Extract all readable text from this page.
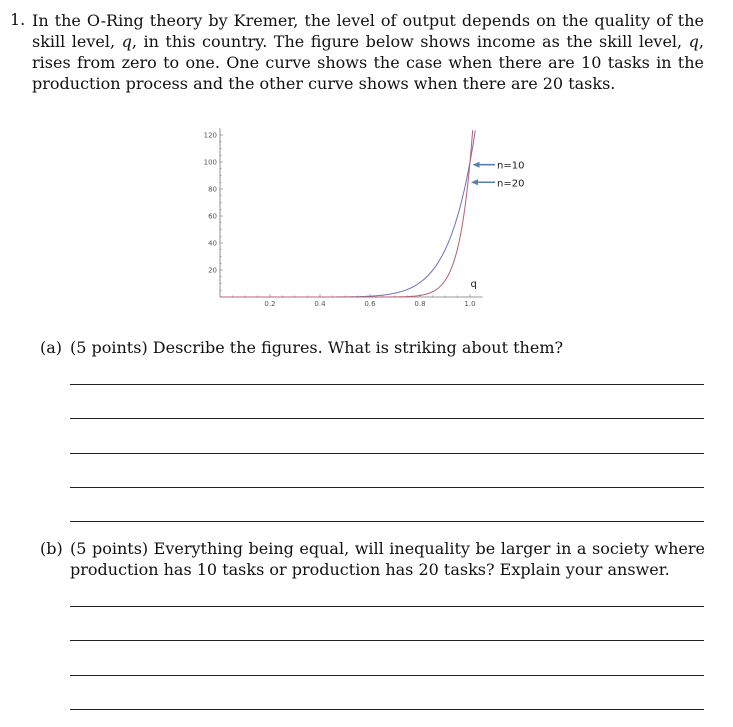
1. In the O-Ring theory by Kremer, the level of output depends on the quality of the skill level, q, in this country. The figure below shows income as the skill level, q, rises from zero to one. One curve shows the case when there are 10 tasks in the production process and the other curve shows when there are 20 tasks.
0.2	0.4	0.6	0.8	1.0
20
40
60
80
100
120
n=10
n=20
q
(a) (5 points) Describe the figures. What is striking about them?
(b) (5 points) Everything being equal, will inequality be larger in a society where production has 10 tasks or production has 20 tasks? Explain your answer.
